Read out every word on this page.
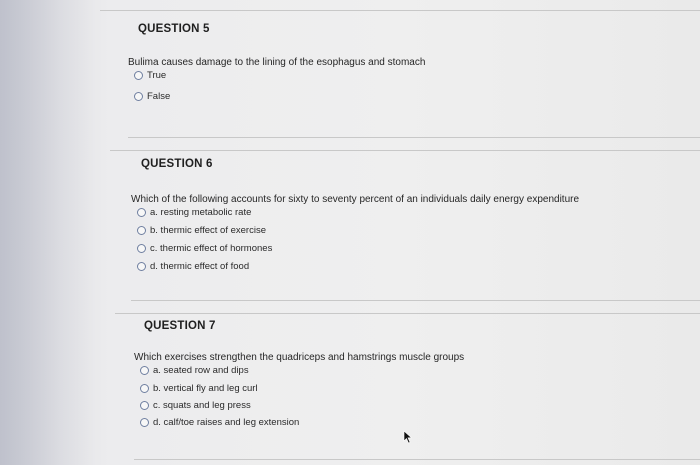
QUESTION 5
Bulima causes damage to the lining of the esophagus and stomach
True
False
QUESTION 6
Which of the following accounts for sixty to seventy percent of an individuals daily energy expenditure
a. resting metabolic rate
b. thermic effect of exercise
c. thermic effect of hormones
d. thermic effect of food
QUESTION 7
Which exercises strengthen the quadriceps and hamstrings muscle groups
a. seated row and dips
b. vertical fly and leg curl
c. squats and leg press
d. calf/toe raises and leg extension
